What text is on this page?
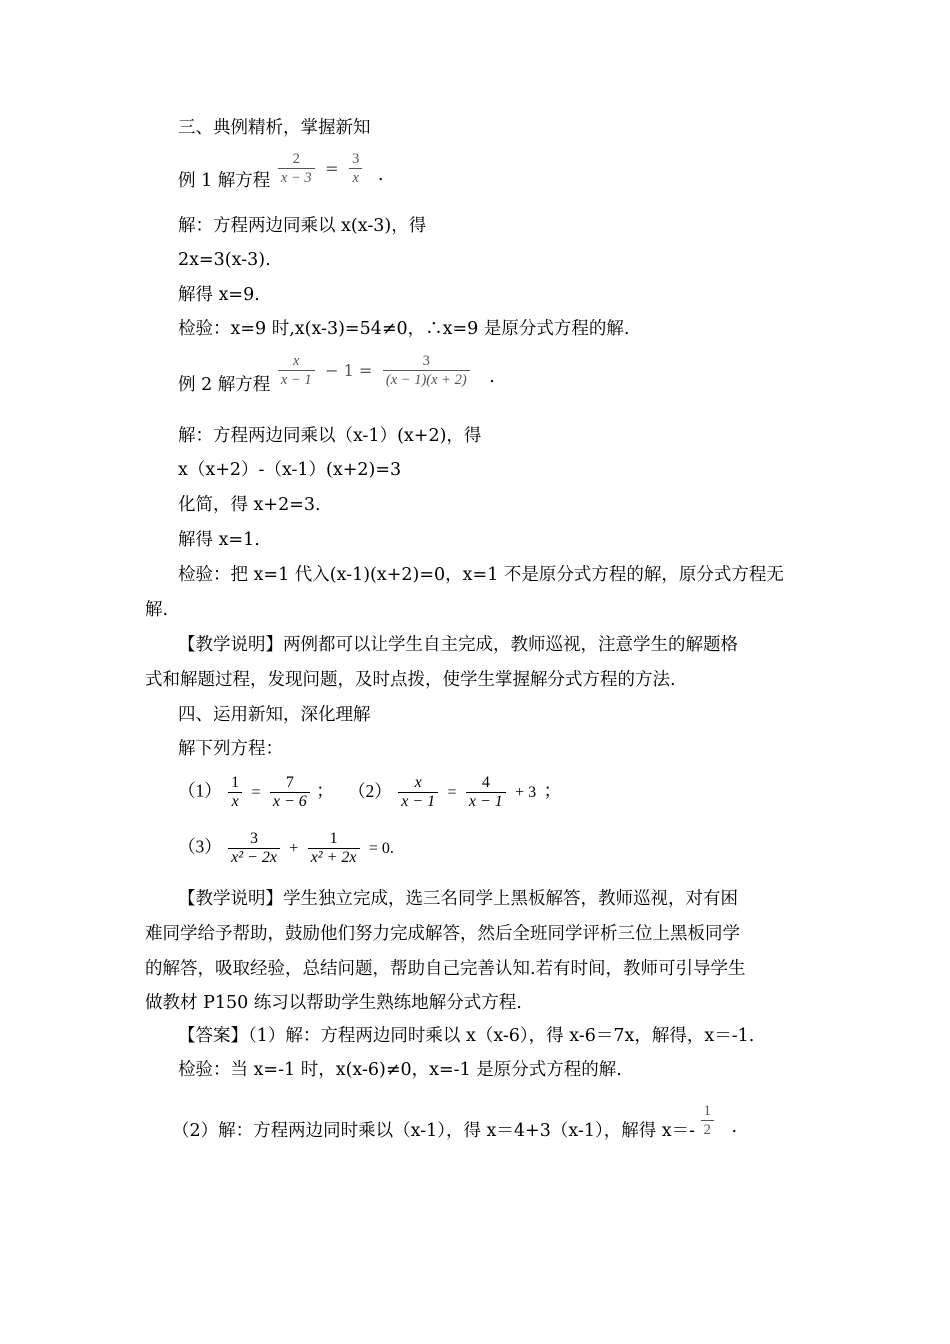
三、典例精析，掌握新知
例 1 解方程 $\frac{2}{x - 3} = \frac{3}{x}$ .
解：方程两边同乘以 x(x-3)，得
2x=3(x-3).
解得 x=9.
检验：x=9 时,x(x-3)=54≠0，∴x=9 是原分式方程的解.
例 2 解方程 $\frac{x}{x - 1} - 1 = \frac{3}{(x - 1)(x + 2)}$ .
解：方程两边同乘以（x-1）(x+2)，得
x（x+2）-（x-1）(x+2)=3
化简，得 x+2=3.
解得 x=1.
检验：把 x=1 代入(x-1)(x+2)=0，x=1 不是原分式方程的解，原分式方程无
解.
【教学说明】两例都可以让学生自主完成，教师巡视，注意学生的解题格
式和解题过程，发现问题，及时点拨，使学生掌握解分式方程的方法.
四、运用新知，深化理解
解下列方程：
$(1) \frac{1}{x} = \frac{7}{x - 6}$ ； $(2) \frac{x}{x - 1} = \frac{4}{x - 1} + 3$ ；
$(3) \frac{3}{\text{x² − 2x}} + \frac{1}{\text{x² + 2x}} = 0$.
【教学说明】学生独立完成，选三名同学上黑板解答，教师巡视，对有困
难同学给予帮助，鼓励他们努力完成解答，然后全班同学评析三位上黑板同学
的解答，吸取经验，总结问题，帮助自己完善认知.若有时间，教师可引导学生
做教材 P150 练习以帮助学生熟练地解分式方程.
【答案】（1）解：方程两边同时乘以 x（x-6），得 x-6＝7x，解得，x＝-1.
检验：当 x=-1 时，x(x-6)≠0，x=-1 是原分式方程的解.
（2）解：方程两边同时乘以（x-1），得 x＝4+3（x-1），解得 $x=- \frac{1}{2}$ .
